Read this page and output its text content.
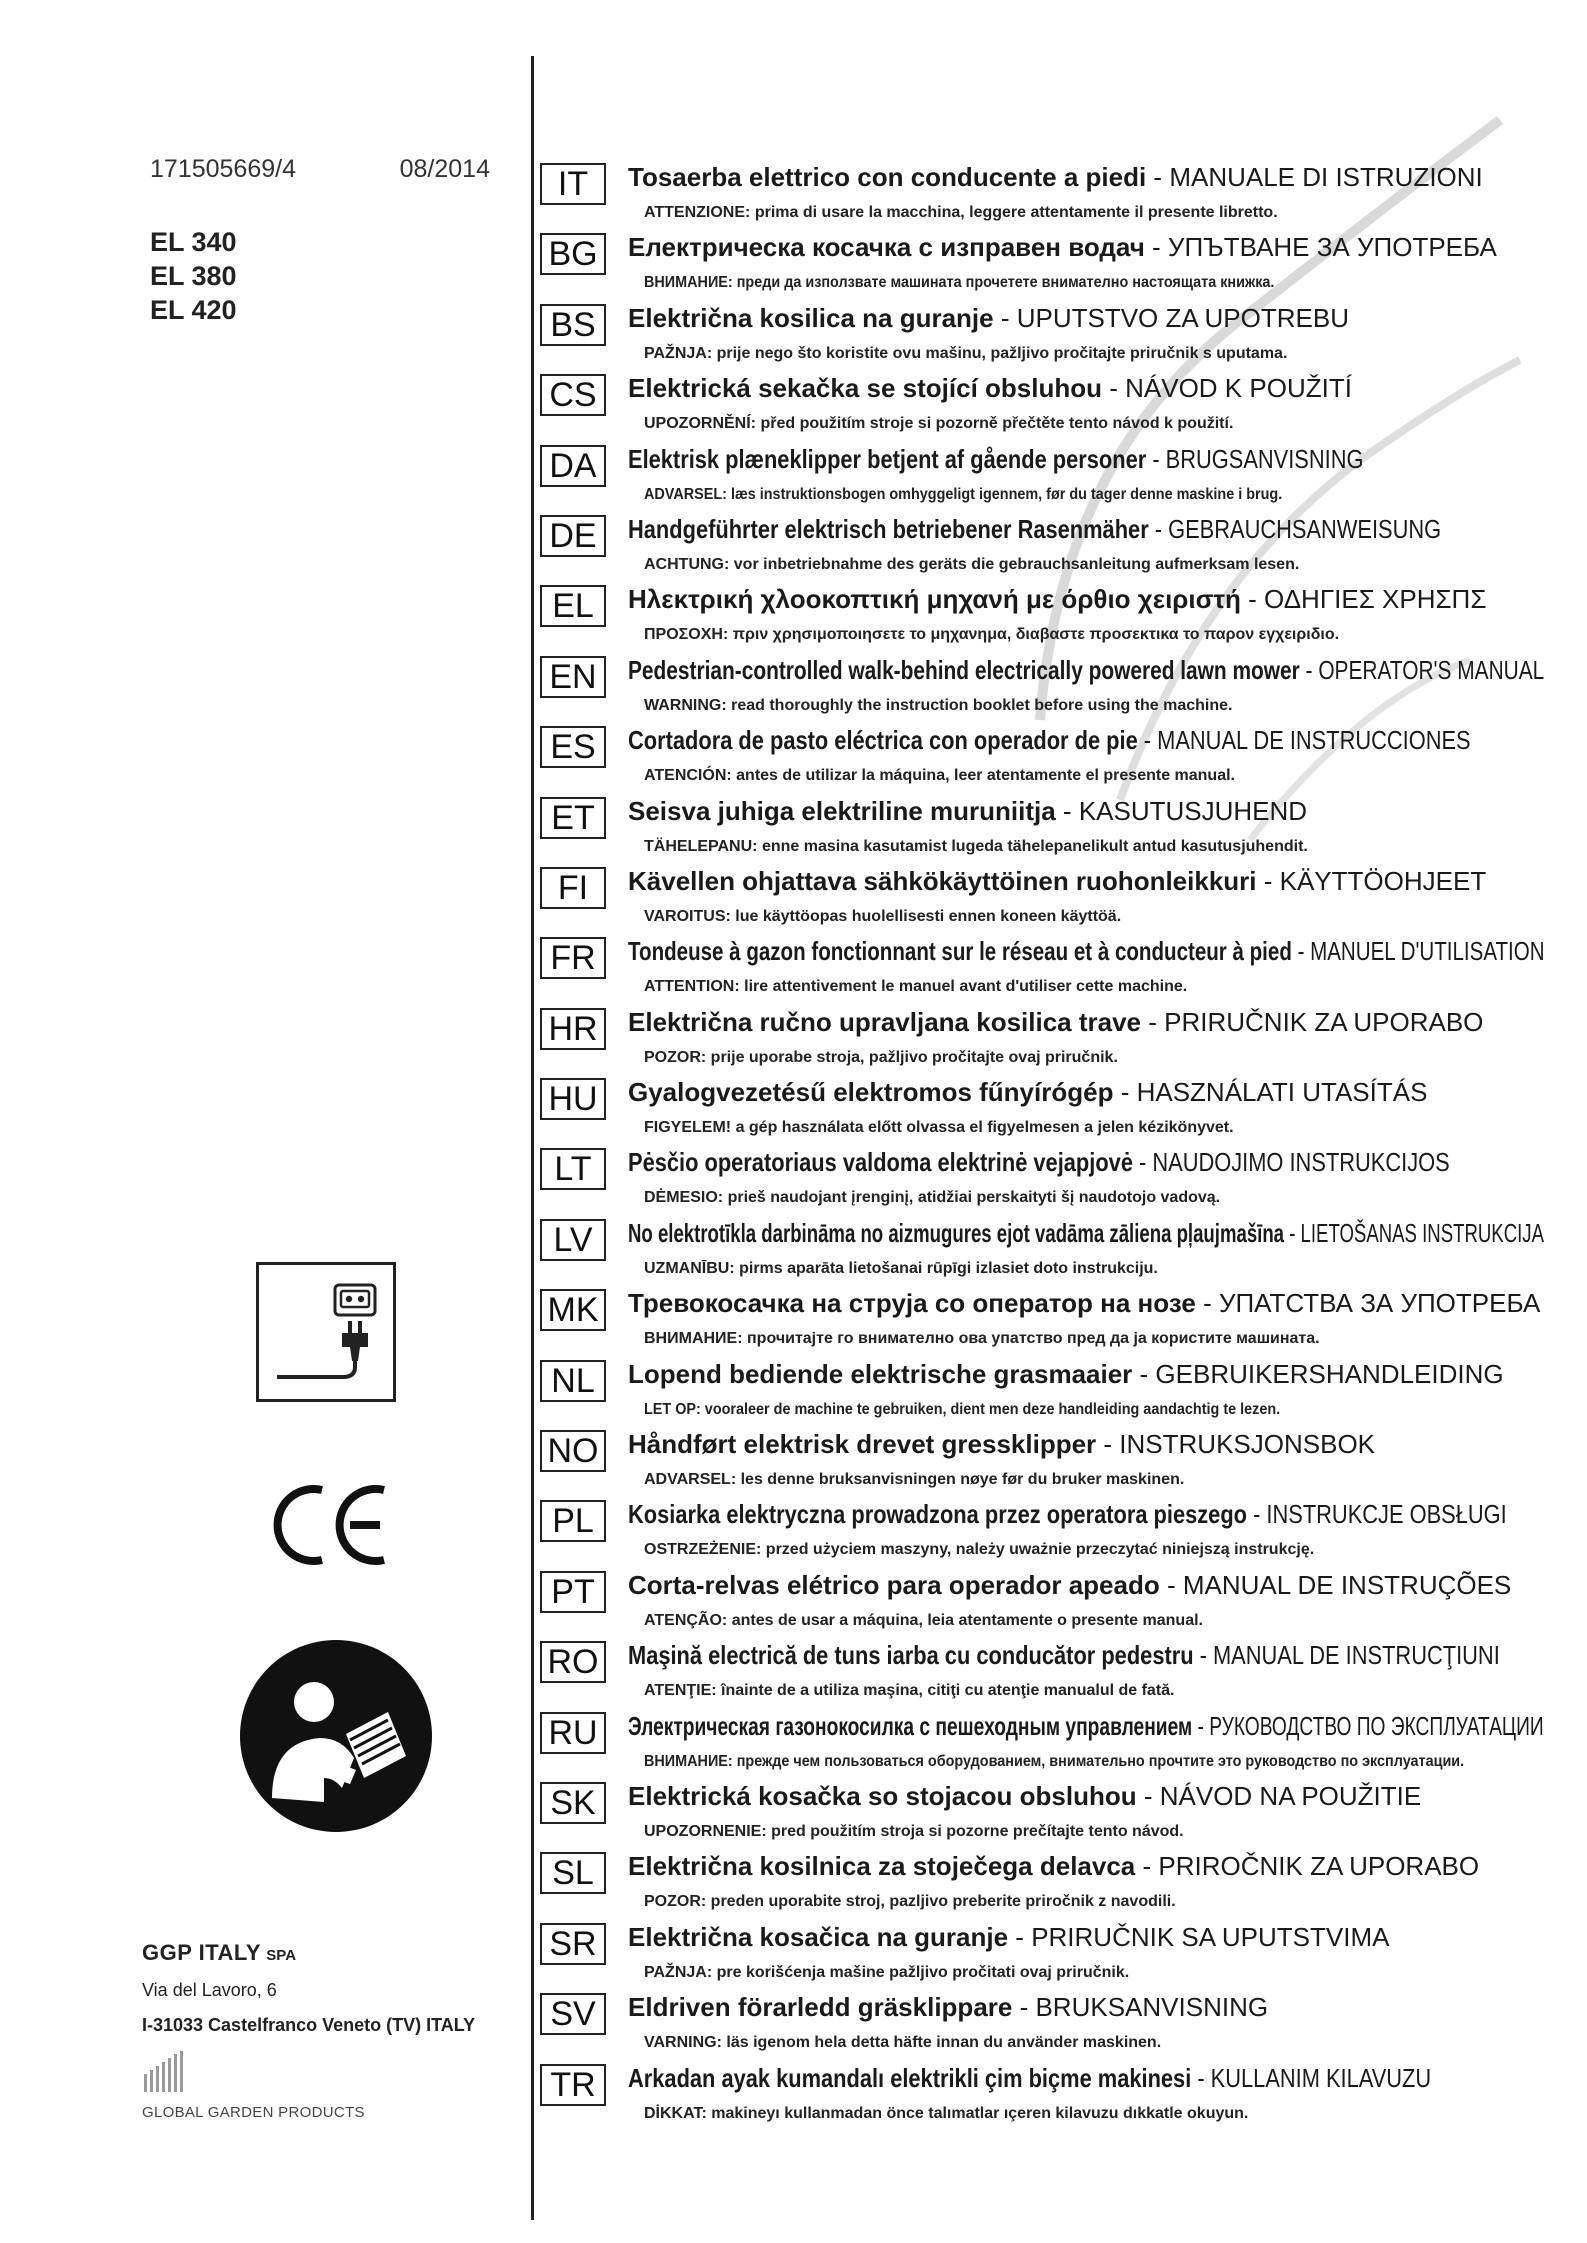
171505669/4	08/2014
EL 340
EL 380
EL 420
GGP ITALY SPA
Via del Lavoro, 6
I-31033 Castelfranco Veneto (TV) ITALY
GLOBAL GARDEN PRODUCTS
IT	Tosaerba elettrico con conducente a piedi - MANUALE DI ISTRUZIONI
ATTENZIONE: prima di usare la macchina, leggere attentamente il presente libretto.
BG	Електрическа косачка с изправен водач - УПЪТВАНЕ ЗА УПОТРЕБА
ВНИМАНИЕ: преди да използвате машината прочетете внимателно настоящата книжка.
BS	Električna kosilica na guranje - UPUTSTVO ZA UPOTREBU
PAŽNJA: prije nego što koristite ovu mašinu, pažljivo pročitajte priručnik s uputama.
CS	Elektrická sekačka se stojící obsluhou - NÁVOD K POUŽITÍ
UPOZORNĚNÍ: před použitím stroje si pozorně přečtěte tento návod k použití.
DA	Elektrisk plæneklipper betjent af gående personer - BRUGSANVISNING
ADVARSEL: læs instruktionsbogen omhyggeligt igennem, før du tager denne maskine i brug.
DE	Handgeführter elektrisch betriebener Rasenmäher - GEBRAUCHSANWEISUNG
ACHTUNG: vor inbetriebnahme des geräts die gebrauchsanleitung aufmerksam lesen.
EL	Ηλεκτρική χλοοκοπτική μηχανή με όρθιο χειριστή - ΟΔΗΓΙΕΣ ΧΡΗΣΠΣ
ΠΡΟΣΟΧΗ: πριν χρησιμοποιησετε το μηχανημα, διαβαστε προσεκτικα το παρον εγχειριδιο.
EN	Pedestrian-controlled walk-behind electrically powered lawn mower - OPERATOR'S MANUAL
WARNING: read thoroughly the instruction booklet before using the machine.
ES	Cortadora de pasto eléctrica con operador de pie - MANUAL DE INSTRUCCIONES
ATENCIÓN: antes de utilizar la máquina, leer atentamente el presente manual.
ET	Seisva juhiga elektriline muruniitja - KASUTUSJUHEND
TÄHELEPANU: enne masina kasutamist lugeda tähelepanelikult antud kasutusjuhendit.
FI	Kävellen ohjattava sähkökäyttöinen ruohonleikkuri - KÄYTTÖOHJEET
VAROITUS: lue käyttöopas huolellisesti ennen koneen käyttöä.
FR	Tondeuse à gazon fonctionnant sur le réseau et à conducteur à pied - MANUEL D'UTILISATION
ATTENTION: lire attentivement le manuel avant d'utiliser cette machine.
HR	Električna ručno upravljana kosilica trave - PRIRUČNIK ZA UPORABO
POZOR: prije uporabe stroja, pažljivo pročitajte ovaj priručnik.
HU	Gyalogvezetésű elektromos fűnyírógép - HASZNÁLATI UTASÍTÁS
FIGYELEM! a gép használata előtt olvassa el figyelmesen a jelen kézikönyvet.
LT	Pėsčio operatoriaus valdoma elektrinė vejapjovė - NAUDOJIMO INSTRUKCIJOS
DĖMESIO: prieš naudojant įrenginį, atidžiai perskaityti šį naudotojo vadovą.
LV	No elektrotīkla darbināma no aizmugures ejot vadāma zāliena pļaujmašīna - LIETOŠANAS INSTRUKCIJA
UZMANĪBU: pirms aparāta lietošanai rūpīgi izlasiet doto instrukciju.
MK Тревокосачка на струја со оператор на нозе - УПАТСТВА ЗА УПОТРЕБА
ВНИМАНИЕ: прочитајте го внимателно ова упатство пред да ја користите машината.
NL	Lopend bediende elektrische grasmaaier - GEBRUIKERSHANDLEIDING
LET OP: vooraleer de machine te gebruiken, dient men deze handleiding aandachtig te lezen.
NO Håndført elektrisk drevet gressklipper - INSTRUKSJONSBOK
ADVARSEL: les denne bruksanvisningen nøye før du bruker maskinen.
PL	Kosiarka elektryczna prowadzona przez operatora pieszego - INSTRUKCJE OBSŁUGI
OSTRZEŻENIE: przed użyciem maszyny, należy uważnie przeczytać niniejszą instrukcję.
PT	Corta-relvas elétrico para operador apeado - MANUAL DE INSTRUÇÕES
ATENÇÃO: antes de usar a máquina, leia atentamente o presente manual.
RO Maşină electrică de tuns iarba cu conducător pedestru - MANUAL DE INSTRUCŢIUNI
ATENŢIE: înainte de a utiliza maşina, citiţi cu atenţie manualul de fată.
RU	Электрическая газонокосилка с пешеходным управлением - РУКОВОДСТВО ПО ЭКСПЛУАТАЦИИ
ВНИМАНИЕ: прежде чем пользоваться оборудованием, внимательно прочтите это руководство по эксплуатации.
SK	Elektrická kosačka so stojacou obsluhou - NÁVOD NA POUŽITIE
UPOZORNENIE: pred použitím stroja si pozorne prečítajte tento návod.
SL	Električna kosilnica za stoječega delavca - PRIROČNIK ZA UPORABO
POZOR: preden uporabite stroj, pazljivo preberite priročnik z navodili.
SR	Električna kosačica na guranje - PRIRUČNIK SA UPUTSTVIMA
PAŽNJA: pre korišćenja mašine pažljivo pročitati ovaj priručnik.
SV	Eldriven förarledd gräsklippare - BRUKSANVISNING
VARNING: läs igenom hela detta häfte innan du använder maskinen.
TR	Arkadan ayak kumandalı elektrikli çim biçme makinesi - KULLANIM KILAVUZU
DİKKAT: makineyı kullanmadan önce talımatlar ıçeren kilavuzu dıkkatle okuyun.
